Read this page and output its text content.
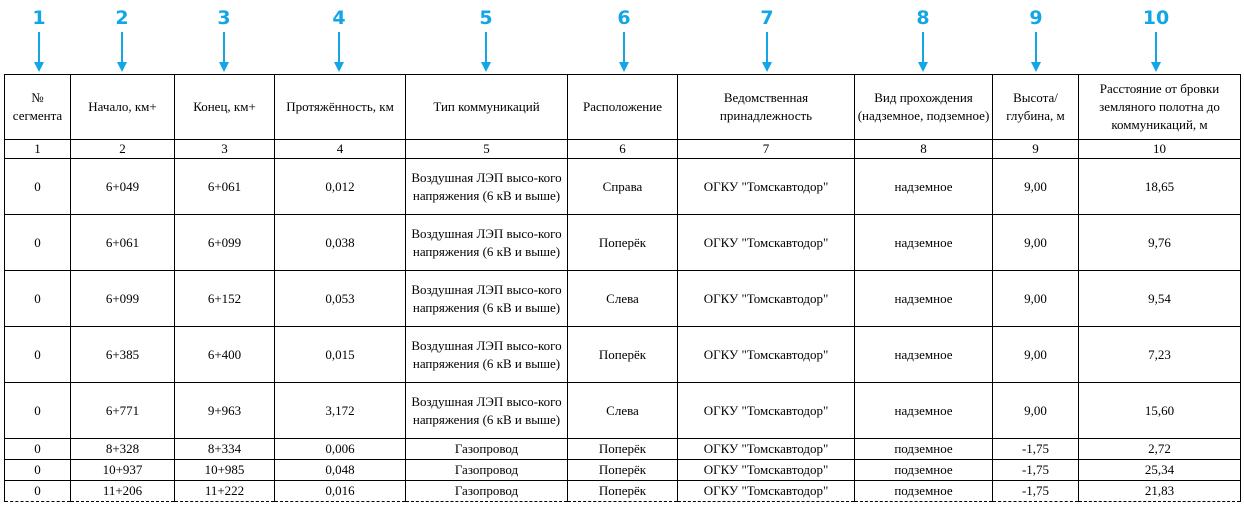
1	2	3	4	5	6	7	8	9	10
№ сегмента	Начало, км+	Конец, км+	Протяжённость, км	Тип коммуникаций	Расположение	Ведомственная принадлежность	Вид прохождения (надземное, подземное)	Высота/ глубина, м	Расстояние от бровки земляного полотна до коммуникаций, м
1	2	3	4	5	6	7	8	9	10
0	6+049	6+061	0,012	Воздушная ЛЭП высо-кого напряжения (6 кВ и выше)	Справа	ОГКУ "Томскавтодор"	надземное	9,00	18,65
0	6+061	6+099	0,038	Воздушная ЛЭП высо-кого напряжения (6 кВ и выше)	Поперёк	ОГКУ "Томскавтодор"	надземное	9,00	9,76
0	6+099	6+152	0,053	Воздушная ЛЭП высо-кого напряжения (6 кВ и выше)	Слева	ОГКУ "Томскавтодор"	надземное	9,00	9,54
0	6+385	6+400	0,015	Воздушная ЛЭП высо-кого напряжения (6 кВ и выше)	Поперёк	ОГКУ "Томскавтодор"	надземное	9,00	7,23
0	6+771	9+963	3,172	Воздушная ЛЭП высо-кого напряжения (6 кВ и выше)	Слева	ОГКУ "Томскавтодор"	надземное	9,00	15,60
0	8+328	8+334	0,006	Газопровод	Поперёк	ОГКУ "Томскавтодор"	подземное	-1,75	2,72
0	10+937	10+985	0,048	Газопровод	Поперёк	ОГКУ "Томскавтодор"	подземное	-1,75	25,34
0	11+206	11+222	0,016	Газопровод	Поперёк	ОГКУ "Томскавтодор"	подземное	-1,75	21,83
